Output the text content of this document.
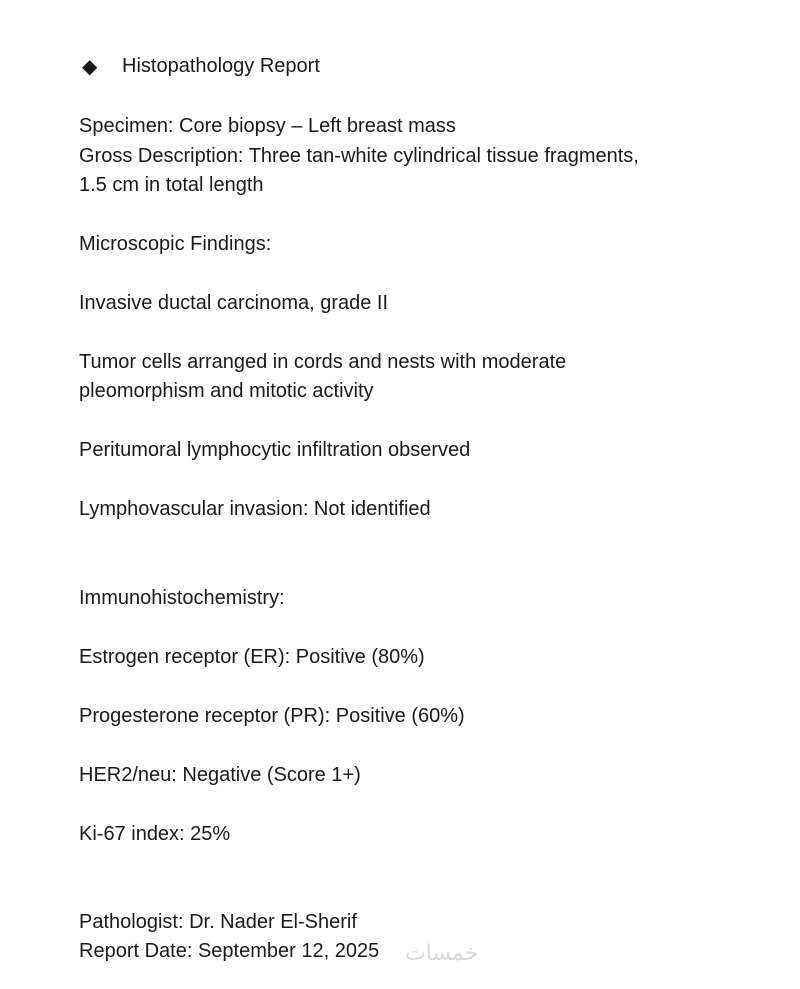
◆	Histopathology Report
Specimen: Core biopsy – Left breast mass
Gross Description: Three tan-white cylindrical tissue fragments,
1.5 cm in total length
Microscopic Findings:
Invasive ductal carcinoma, grade II
Tumor cells arranged in cords and nests with moderate
pleomorphism and mitotic activity
Peritumoral lymphocytic infiltration observed
Lymphovascular invasion: Not identified
Immunohistochemistry:
Estrogen receptor (ER): Positive (80%)
Progesterone receptor (PR): Positive (60%)
HER2/neu: Negative (Score 1+)
Ki-67 index: 25%
Pathologist: Dr. Nader El-Sherif
Report Date: September 12, 2025 خمسات
